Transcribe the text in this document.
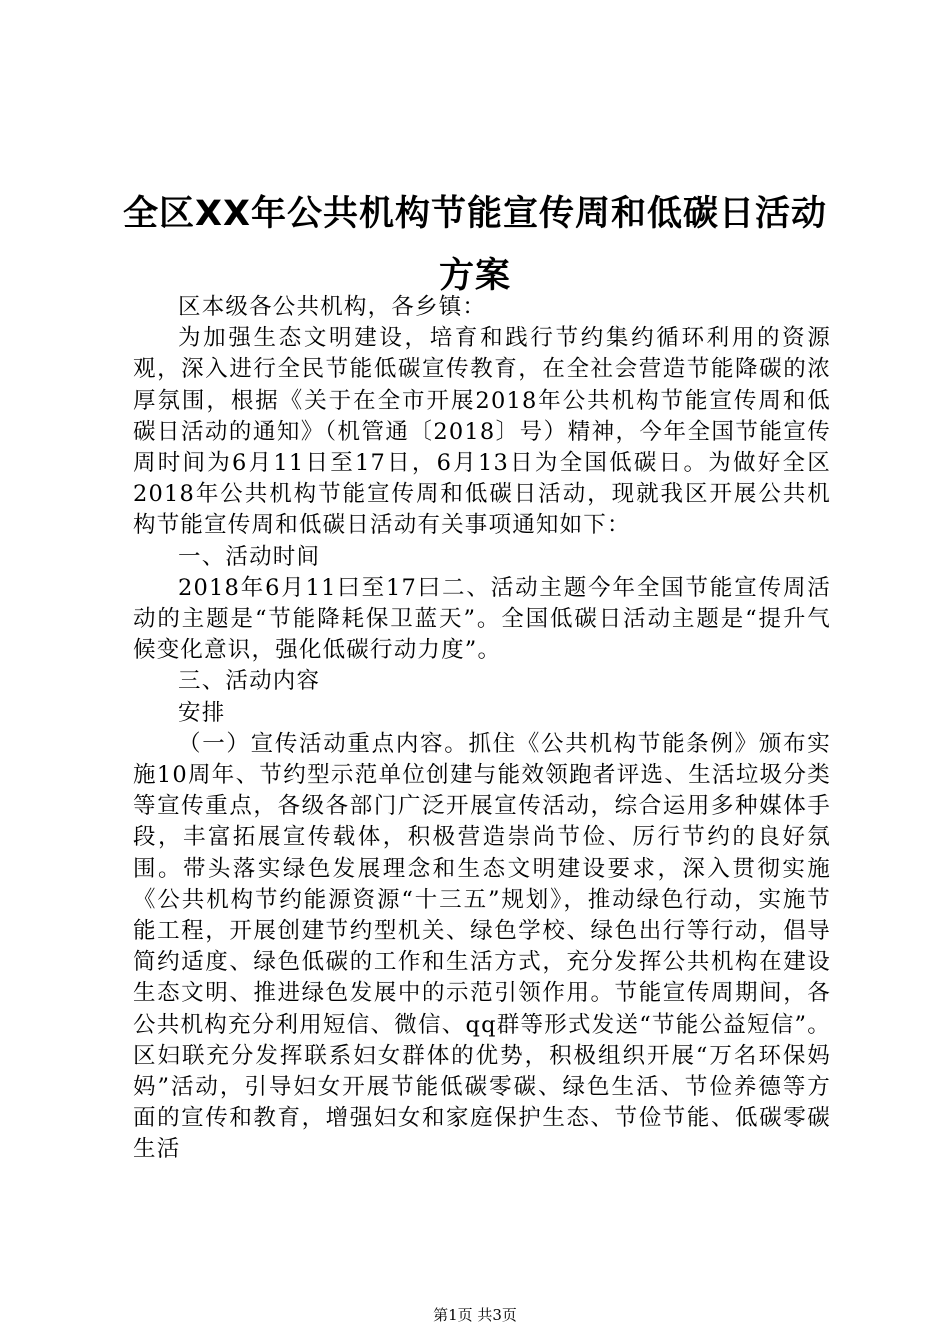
全区XX年公共机构节能宣传周和低碳日活动
方案

区本级各公共机构，各乡镇：

为加强生态文明建设，培育和践行节约集约循环利用的资源观，深入进行全民节能低碳宣传教育，在全社会营造节能降碳的浓厚氛围，根据《关于在全市开展2018年公共机构节能宣传周和低碳日活动的通知》（机管通〔2018〕号）精神，今年全国节能宣传周时间为6月11日至17日，6月13日为全国低碳日。为做好全区2018年公共机构节能宣传周和低碳日活动，现就我区开展公共机构节能宣传周和低碳日活动有关事项通知如下：

一、活动时间

2018年6月11曰至17曰二、活动主题今年全国节能宣传周活动的主题是“节能降耗保卫蓝天”。全国低碳日活动主题是“提升气候变化意识，强化低碳行动力度”。

三、活动内容

安排

（一）宣传活动重点内容。抓住《公共机构节能条例》颁布实施10周年、节约型示范单位创建与能效领跑者评选、生活垃圾分类等宣传重点，各级各部门广泛开展宣传活动，综合运用多种媒体手段，丰富拓展宣传载体，积极营造崇尚节俭、厉行节约的良好氛围。带头落实绿色发展理念和生态文明建设要求，深入贯彻实施《公共机构节约能源资源“十三五”规划》，推动绿色行动，实施节能工程，开展创建节约型机关、绿色学校、绿色出行等行动，倡导简约适度、绿色低碳的工作和生活方式，充分发挥公共机构在建设生态文明、推进绿色发展中的示范引领作用。节能宣传周期间，各公共机构充分利用短信、微信、qq群等形式发送“节能公益短信”。区妇联充分发挥联系妇女群体的优势，积极组织开展“万名环保妈妈”活动，引导妇女开展节能低碳零碳、绿色生活、节俭养德等方面的宣传和教育，增强妇女和家庭保护生态、节俭节能、低碳零碳生活

第1页 共3页
